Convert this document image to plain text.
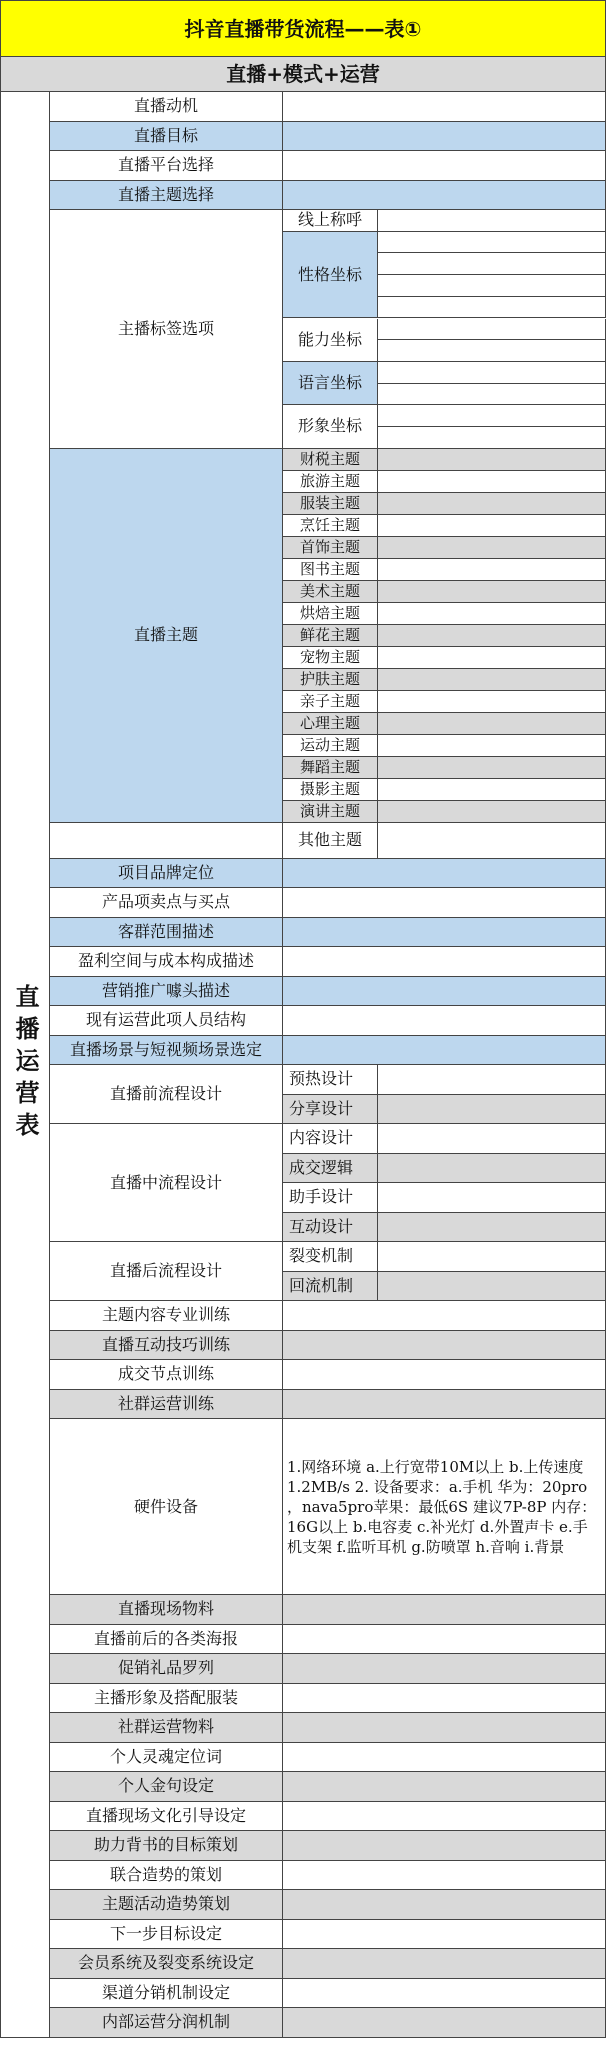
抖音直播带货流程——表①
直播+模式+运营
直播动机
直播目标
直播平台选择
直播主题选择
主播标签选项
线上称呼
性格坐标
能力坐标
语言坐标
形象坐标
直播主题
财税主题
旅游主题
服装主题
烹饪主题
首饰主题
图书主题
美术主题
烘焙主题
鲜花主题
宠物主题
护肤主题
亲子主题
心理主题
运动主题
舞蹈主题
摄影主题
演讲主题
其他主题
项目品牌定位
产品项卖点与买点
客群范围描述
盈利空间与成本构成描述
营销推广噱头描述
现有运营此项人员结构
直播场景与短视频场景选定
直播前流程设计
预热设计
分享设计
直播中流程设计
内容设计
成交逻辑
助手设计
互动设计
直播后流程设计
裂变机制
回流机制
主题内容专业训练
直播互动技巧训练
成交节点训练
社群运营训练
硬件设备
1.网络环境 a.上行宽带10M以上 b.上传速度1.2MB/s 2. 设备要求：a.手机 华为：20pro ，nava5pro苹果：最低6S 建议7P-8P 内存：16G以上 b.电容麦 c.补光灯 d.外置声卡 e.手机支架 f.监听耳机 g.防喷罩 h.音响 i.背景
直播现场物料
直播前后的各类海报
促销礼品罗列
主播形象及搭配服装
社群运营物料
个人灵魂定位词
个人金句设定
直播现场文化引导设定
助力背书的目标策划
联合造势的策划
主题活动造势策划
下一步目标设定
会员系统及裂变系统设定
渠道分销机制设定
内部运营分润机制
直播运营表
